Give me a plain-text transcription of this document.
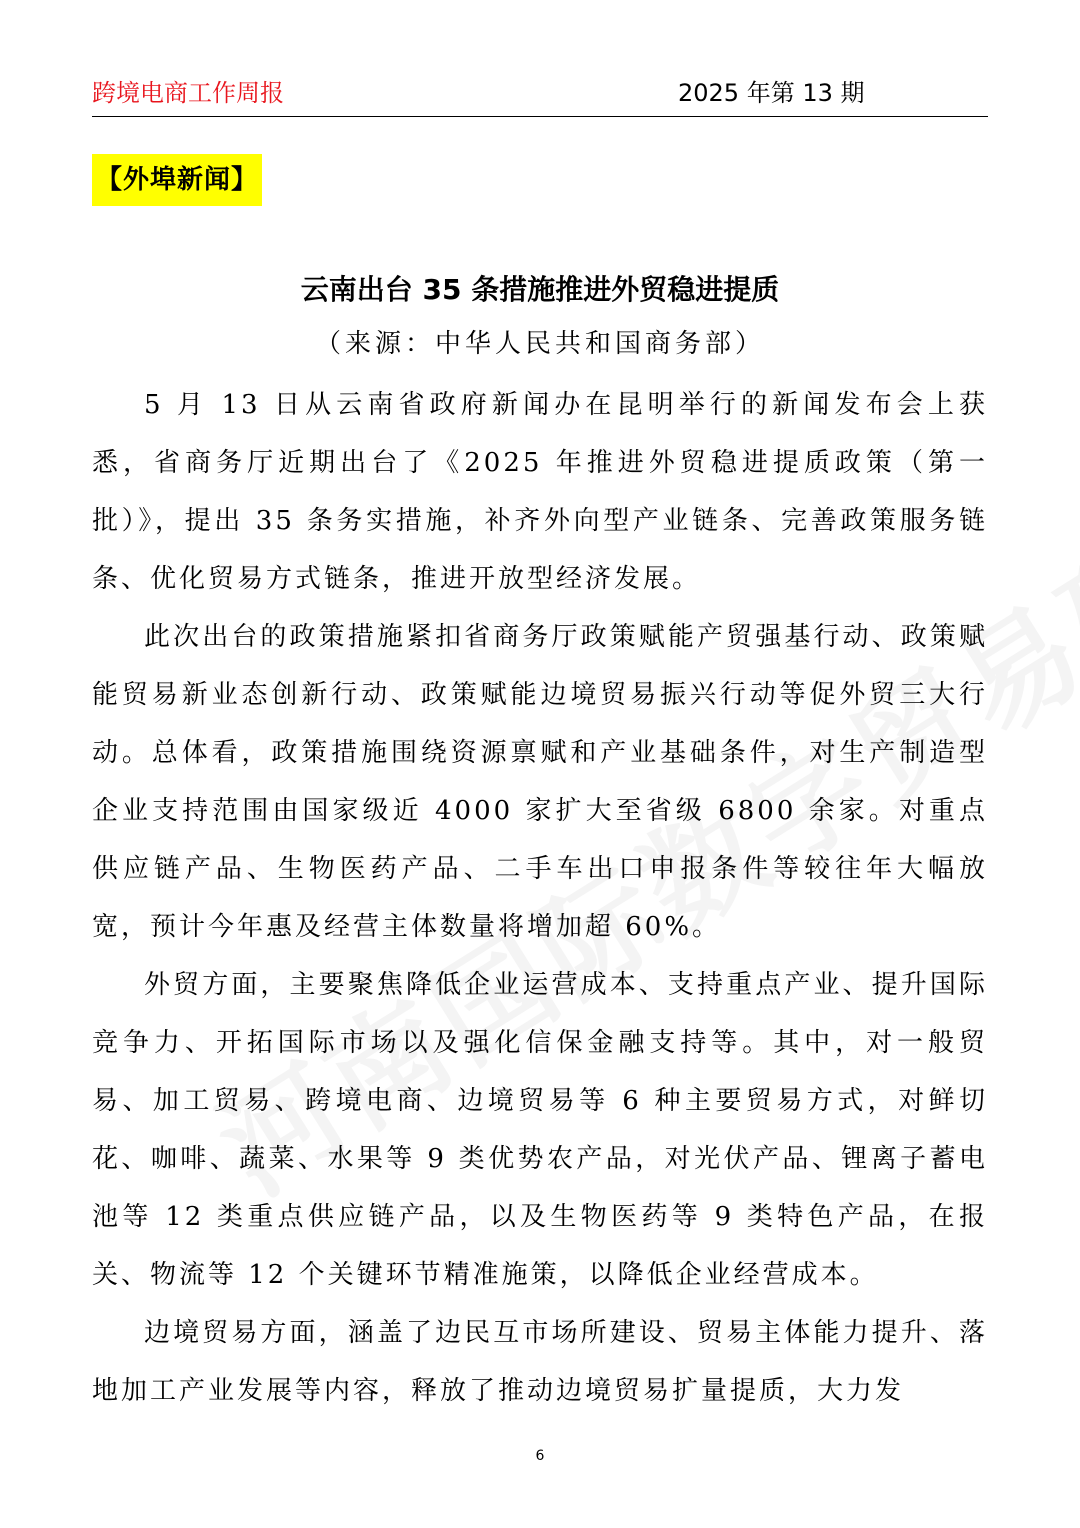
跨境电商工作周报	2025 年第 13 期
【外埠新闻】
云南出台 35 条措施推进外贸稳进提质
（来源：中华人民共和国商务部）

5 月 13 日从云南省政府新闻办在昆明举行的新闻发布会上获悉，省商务厅近期出台了《2025 年推进外贸稳进提质政策（第一批）》，提出 35 条务实措施，补齐外向型产业链条、完善政策服务链条、优化贸易方式链条，推进开放型经济发展。

此次出台的政策措施紧扣省商务厅政策赋能产贸强基行动、政策赋能贸易新业态创新行动、政策赋能边境贸易振兴行动等促外贸三大行动。总体看，政策措施围绕资源禀赋和产业基础条件，对生产制造型企业支持范围由国家级近 4000 家扩大至省级 6800 余家。对重点供应链产品、生物医药产品、二手车出口申报条件等较往年大幅放宽，预计今年惠及经营主体数量将增加超 60%。

外贸方面，主要聚焦降低企业运营成本、支持重点产业、提升国际竞争力、开拓国际市场以及强化信保金融支持等。其中，对一般贸易、加工贸易、跨境电商、边境贸易等 6 种主要贸易方式，对鲜切花、咖啡、蔬菜、水果等 9 类优势农产品，对光伏产品、锂离子蓄电池等 12 类重点供应链产品，以及生物医药等 9 类特色产品，在报关、物流等 12 个关键环节精准施策，以降低企业经营成本。

边境贸易方面，涵盖了边民互市场所建设、贸易主体能力提升、落地加工产业发展等内容，释放了推动边境贸易扩量提质，大力发

6
